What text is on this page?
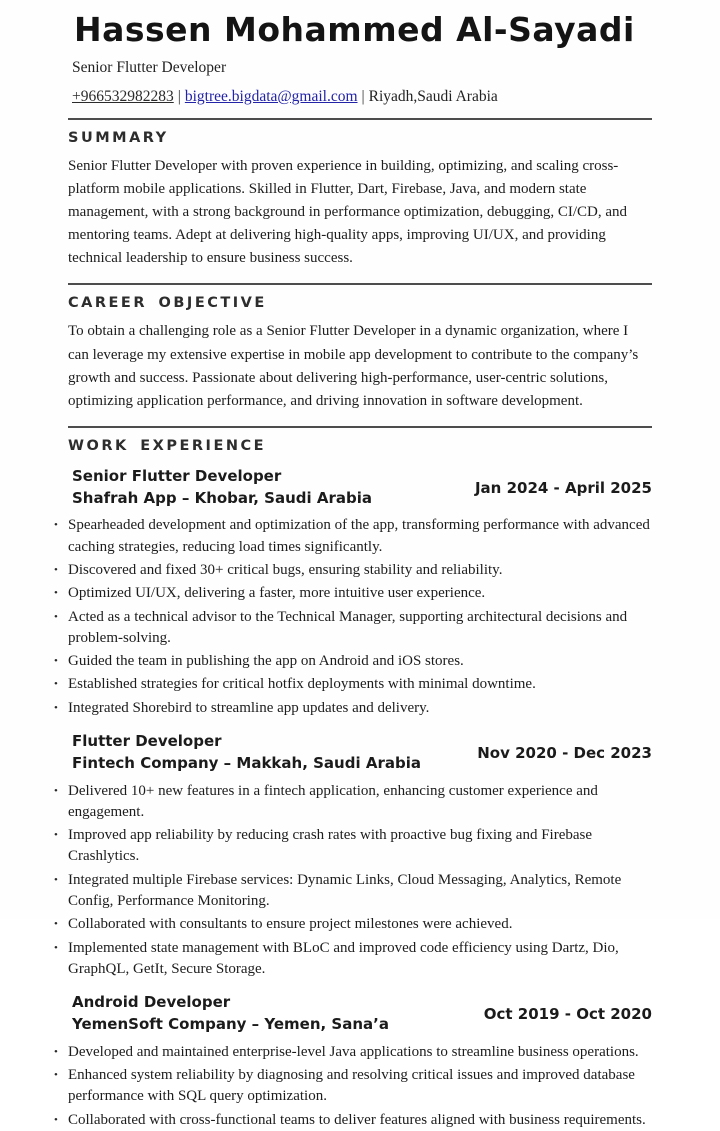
Hassen Mohammed Al-Sayadi

Senior Flutter Developer

+966532982283 | bigtree.bigdata@gmail.com | Riyadh,Saudi Arabia

SUMMARY

Senior Flutter Developer with proven experience in building, optimizing, and scaling cross-platform mobile applications. Skilled in Flutter, Dart, Firebase, Java, and modern state management, with a strong background in performance optimization, debugging, CI/CD, and mentoring teams. Adept at delivering high-quality apps, improving UI/UX, and providing technical leadership to ensure business success.

CAREER OBJECTIVE

To obtain a challenging role as a Senior Flutter Developer in a dynamic organization, where I can leverage my extensive expertise in mobile app development to contribute to the company’s growth and success. Passionate about delivering high-performance, user-centric solutions, optimizing application performance, and driving innovation in software development.

WORK EXPERIENCE
Senior Flutter Developer
Shafrah App – Khobar, Saudi Arabia
Jan 2024 - April 2025
• Spearheaded development and optimization of the app, transforming performance with advanced caching strategies, reducing load times significantly.
• Discovered and fixed 30+ critical bugs, ensuring stability and reliability.
• Optimized UI/UX, delivering a faster, more intuitive user experience.
• Acted as a technical advisor to the Technical Manager, supporting architectural decisions and problem-solving.
• Guided the team in publishing the app on Android and iOS stores.
• Established strategies for critical hotfix deployments with minimal downtime.
• Integrated Shorebird to streamline app updates and delivery.
Flutter Developer
Fintech Company – Makkah, Saudi Arabia
Nov 2020 - Dec 2023
• Delivered 10+ new features in a fintech application, enhancing customer experience and engagement.
• Improved app reliability by reducing crash rates with proactive bug fixing and Firebase Crashlytics.
• Integrated multiple Firebase services: Dynamic Links, Cloud Messaging, Analytics, Remote Config, Performance Monitoring.
• Collaborated with consultants to ensure project milestones were achieved.
• Implemented state management with BLoC and improved code efficiency using Dartz, Dio, GraphQL, GetIt, Secure Storage.
Android Developer
YemenSoft Company – Yemen, Sana’a
Oct 2019 - Oct 2020
• Developed and maintained enterprise-level Java applications to streamline business operations.
• Enhanced system reliability by diagnosing and resolving critical issues and improved database performance with SQL query optimization.
• Collaborated with cross-functional teams to deliver features aligned with business requirements.
